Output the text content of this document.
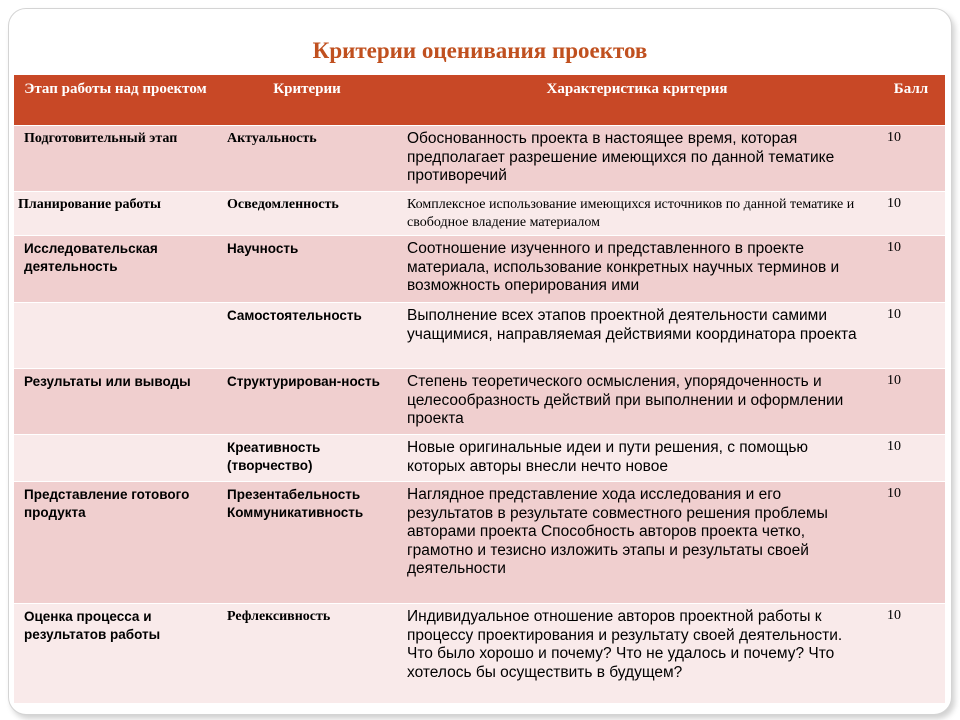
Критерии оценивания проектов
Этап работы над проектом	Критерии	Характеристика критерия	Балл
Подготовительный этап	Актуальность	Обоснованность проекта в настоящее время, которая предполагает разрешение имеющихся по данной тематике противоречий	10
Планирование работы	Осведомленность	Комплексное использование имеющихся источников по данной тематике и свободное владение материалом	10
Исследовательская деятельность	Научность	Соотношение изученного и представленного в проекте материала, использование конкретных научных терминов и возможность оперирования ими	10
	Самостоятельность	Выполнение всех этапов проектной деятельности самими учащимися, направляемая действиями координатора проекта	10
Результаты или выводы	Структурирован-ность	Степень теоретического осмысления, упорядоченность и целесообразность действий при выполнении и оформлении проекта	10
	Креативность (творчество)	Новые оригинальные идеи и пути решения, с помощью которых авторы внесли нечто новое	10
Представление готового продукта	Презентабельность Коммуникативность	Наглядное представление хода исследования и его результатов в результате совместного решения проблемы авторами проекта Способность авторов проекта четко, грамотно и тезисно изложить этапы и результаты своей деятельности	10
Оценка процесса и результатов работы	Рефлексивность	Индивидуальное отношение авторов проектной работы к процессу проектирования и результату своей деятельности. Что было хорошо и почему? Что не удалось и почему? Что хотелось бы осуществить в будущем?	10
